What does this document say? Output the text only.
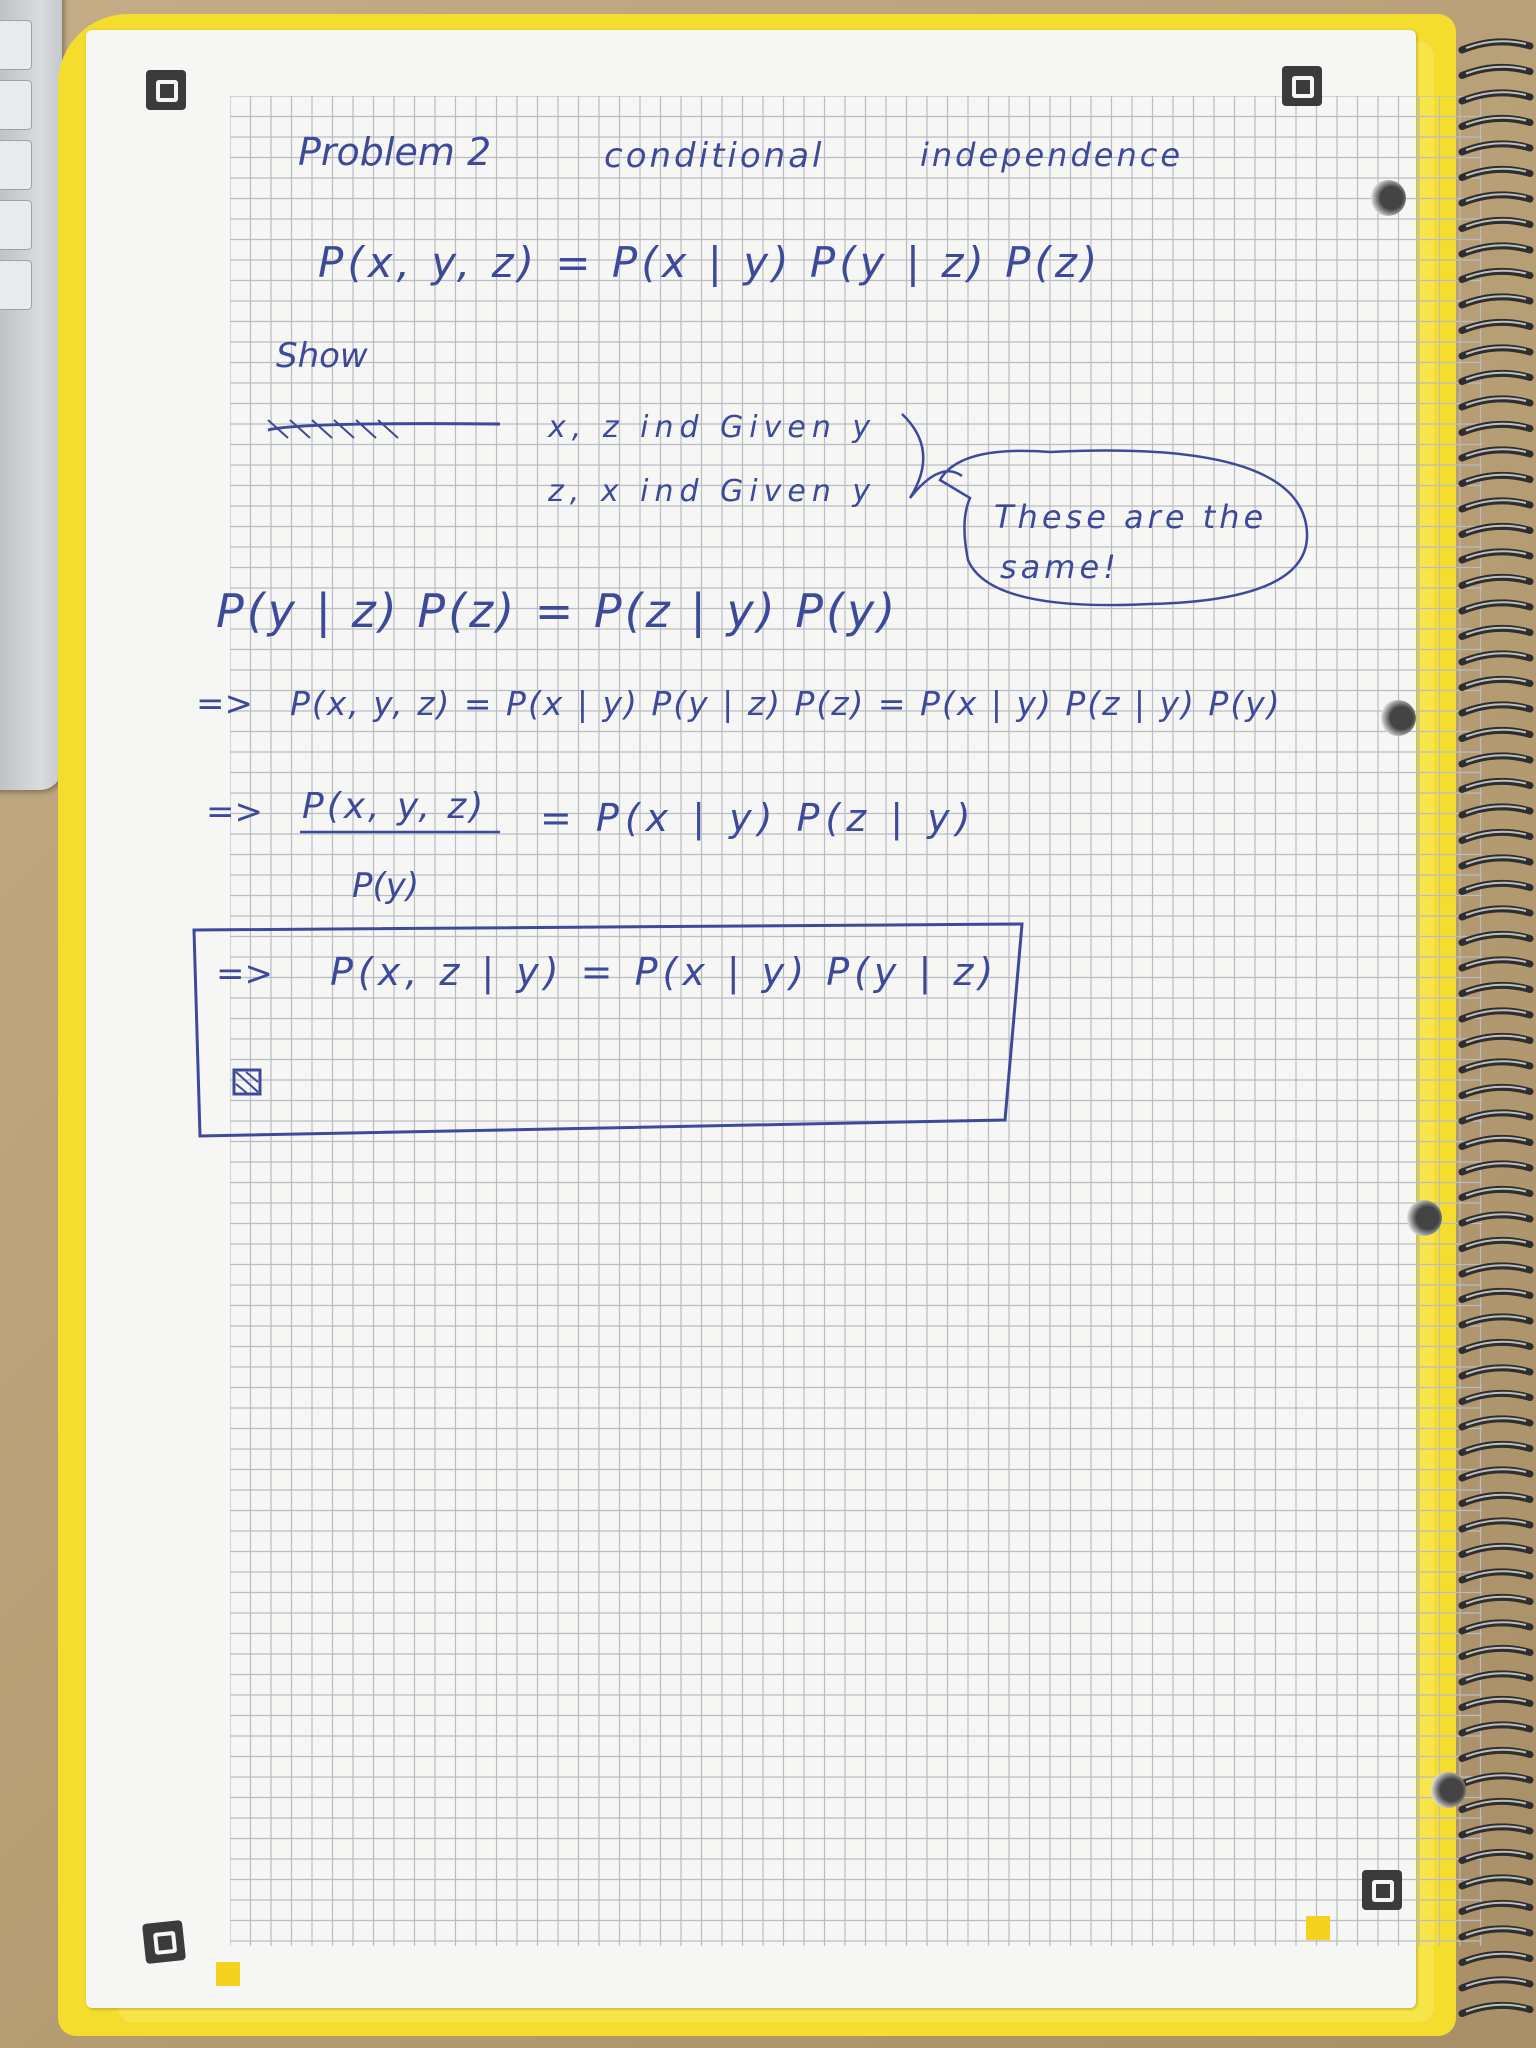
Problem 2	conditional	independence
P(x, y, z) = P(x | y) P(y | z) P(z)
Show
x, z ind Given y
z, x ind Given y
These are the
same!
P(y | z) P(z) = P(z | y) P(y)
=> P(x, y, z) = P(x | y) P(y | z) P(z) = P(x | y) P(z | y) P(y)
=> P(x, y, z)
P(y)
= P(x | y) P(z | y)
=> P(x, z | y) = P(x | y) P(y | z)
